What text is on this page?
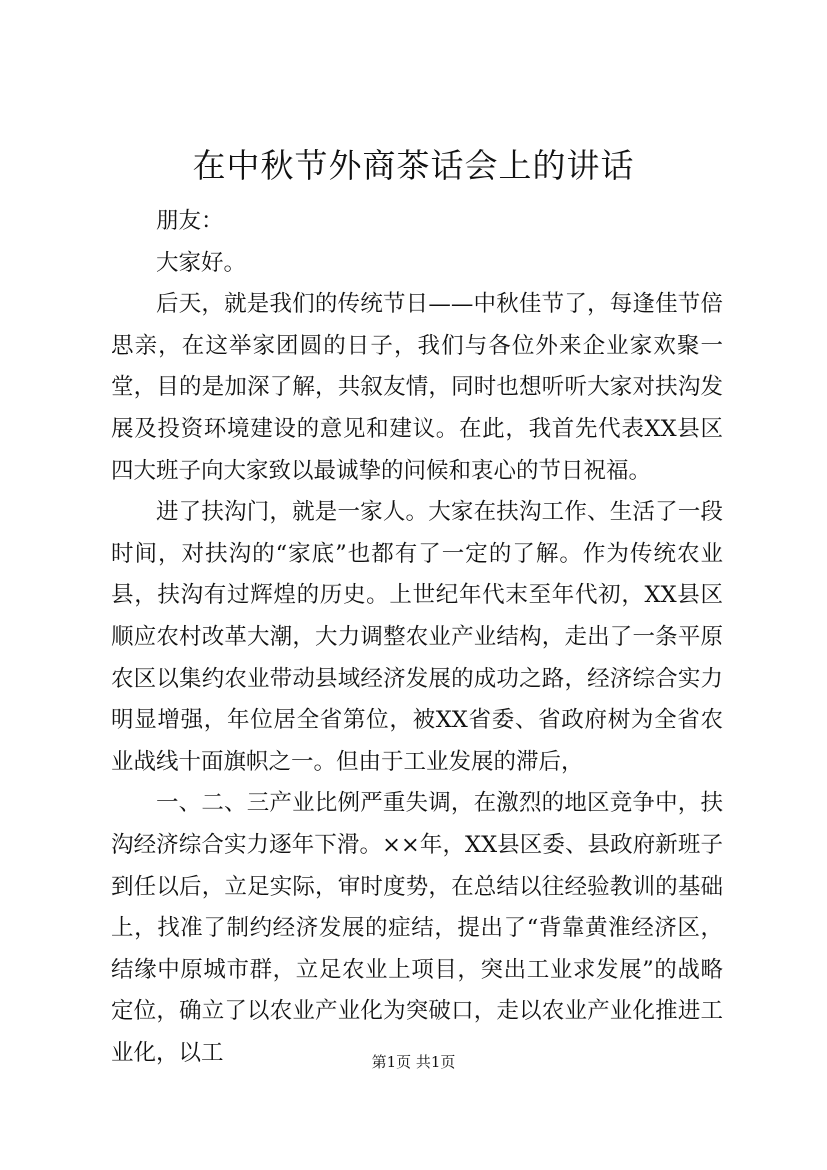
在中秋节外商茶话会上的讲话

朋友：

大家好。

后天，就是我们的传统节日——中秋佳节了，每逢佳节倍思亲，在这举家团圆的日子，我们与各位外来企业家欢聚一堂，目的是加深了解，共叙友情，同时也想听听大家对扶沟发展及投资环境建设的意见和建议。在此，我首先代表XX县区四大班子向大家致以最诚挚的问候和衷心的节日祝福。

进了扶沟门，就是一家人。大家在扶沟工作、生活了一段时间，对扶沟的“家底”也都有了一定的了解。作为传统农业县，扶沟有过辉煌的历史。上世纪年代末至年代初，XX县区顺应农村改革大潮，大力调整农业产业结构，走出了一条平原农区以集约农业带动县域经济发展的成功之路，经济综合实力明显增强，年位居全省第位，被XX省委、省政府树为全省农业战线十面旗帜之一。但由于工业发展的滞后，

一、二、三产业比例严重失调，在激烈的地区竞争中，扶沟经济综合实力逐年下滑。××年，XX县区委、县政府新班子到任以后，立足实际，审时度势，在总结以往经验教训的基础上，找准了制约经济发展的症结，提出了“背靠黄淮经济区，结缘中原城市群，立足农业上项目，突出工业求发展”的战略定位，确立了以农业产业化为突破口，走以农业产业化推进工业化，以工	第1页 共1页
